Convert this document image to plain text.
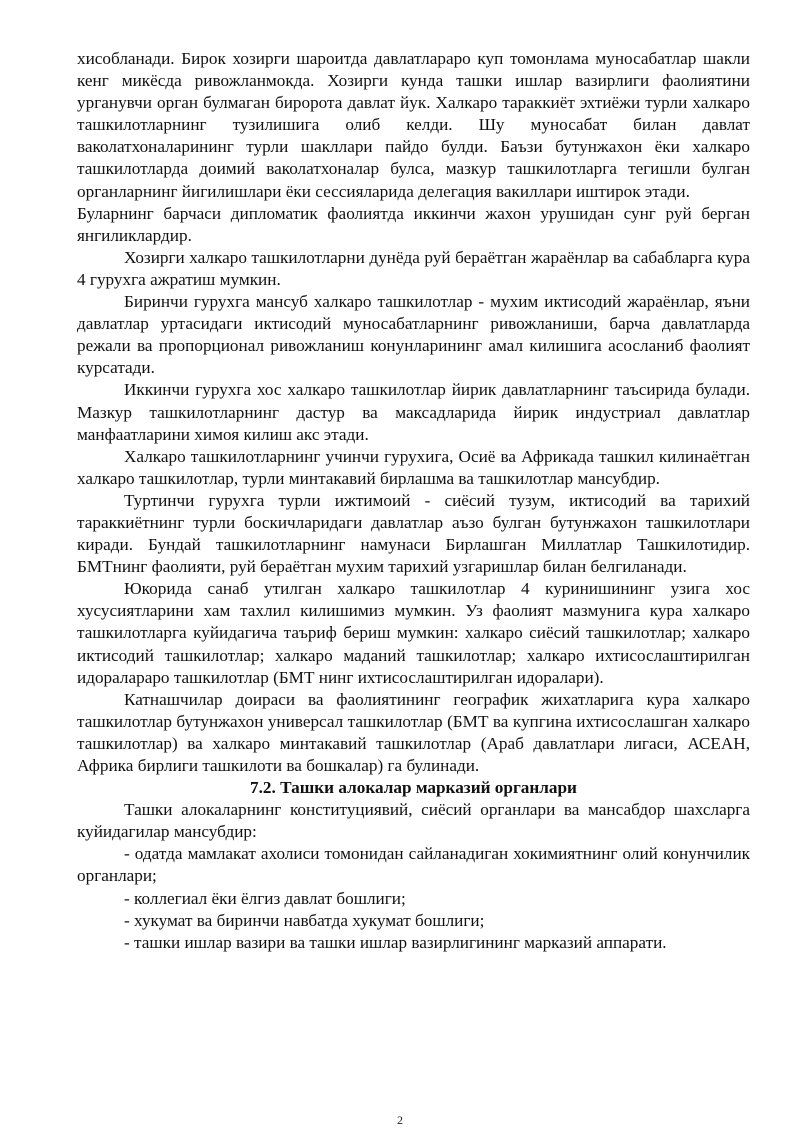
хисобланади. Бирок хозирги шароитда давлатлараро куп томонлама муносабатлар шакли кенг микёсда ривожланмокда. Хозирги кунда ташки ишлар вазирлиги фаолиятини урганувчи орган булмаган биророта давлат йук. Халкаро тараккиёт эхтиёжи турли халкаро ташкилотларнинг тузилишига олиб келди. Шу муносабат билан давлат ваколатхоналарининг турли шакллари пайдо булди. Баъзи бутунжахон ёки халкаро ташкилотларда доимий ваколатхоналар булса, мазкур ташкилотларга тегишли булган органларнинг йигилишлари ёки сессияларида делегация вакиллари иштирок этади.

Буларнинг барчаси дипломатик фаолиятда иккинчи жахон урушидан сунг руй берган янгиликлардир.

Хозирги халкаро ташкилотларни дунёда руй бераётган жараёнлар ва сабабларга кура 4 гурухга ажратиш мумкин.

Биринчи гурухга мансуб халкаро ташкилотлар - мухим иктисодий жараёнлар, яъни давлатлар уртасидаги иктисодий муносабатларнинг ривожланиши, барча давлатларда режали ва пропорционал ривожланиш конунларининг амал килишига асосланиб фаолият курсатади.

Иккинчи гурухга хос халкаро ташкилотлар йирик давлатларнинг таъсирида булади. Мазкур ташкилотларнинг дастур ва максадларида йирик индустриал давлатлар манфаатларини химоя килиш акс этади.

Халкаро ташкилотларнинг учинчи гурухига, Осиё ва Африкада ташкил килинаётган халкаро ташкилотлар, турли минтакавий бирлашма ва ташкилотлар мансубдир.

Туртинчи гурухга турли ижтимоий - сиёсий тузум, иктисодий ва тарихий тараккиётнинг турли боскичларидаги давлатлар аъзо булган бутунжахон ташкилотлари киради. Бундай ташкилотларнинг намунаси Бирлашган Миллатлар Ташкилотидир. БМТнинг фаолияти, руй бераётган мухим тарихий узгаришлар билан белгиланади.

Юкорида санаб утилган халкаро ташкилотлар 4 куринишининг узига хос хусусиятларини хам тахлил килишимиз мумкин. Уз фаолият мазмунига кура халкаро ташкилотларга куйидагича таъриф бериш мумкин: халкаро сиёсий ташкилотлар; халкаро иктисодий ташкилотлар; халкаро маданий ташкилотлар; халкаро ихтисослаштирилган идоралараро ташкилотлар (БМТ нинг ихтисослаштирилган идоралари).

Катнашчилар доираси ва фаолиятининг географик жихатларига кура халкаро ташкилотлар бутунжахон универсал ташкилотлар (БМТ ва купгина ихтисослашган халкаро ташкилотлар) ва халкаро минтакавий ташкилотлар (Араб давлатлари лигаси, АСЕАН, Африка бирлиги ташкилоти ва бошкалар) га булинади.

7.2. Ташки алокалар марказий органлари

Ташки алокаларнинг конституциявий, сиёсий органлари ва мансабдор шахсларга куйидагилар мансубдир:

- одатда мамлакат ахолиси томонидан сайланадиган хокимиятнинг олий конунчилик органлари;

- коллегиал ёки ёлгиз давлат бошлиги;

- хукумат ва биринчи навбатда хукумат бошлиги;

- ташки ишлар вазири ва ташки ишлар вазирлигининг марказий аппарати.

2
